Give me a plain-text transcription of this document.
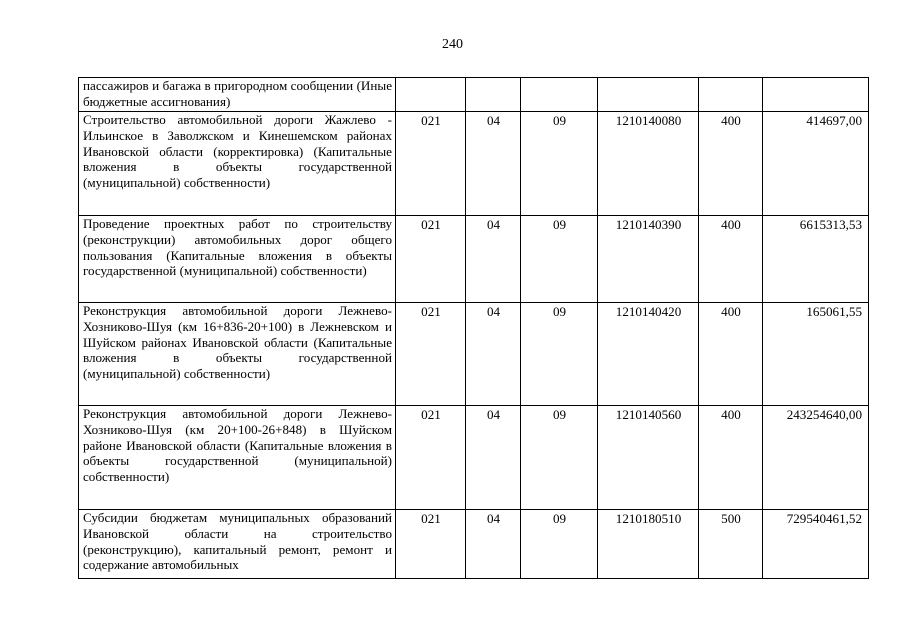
240
пассажиров и багажа в пригородном сообщении (Иные бюджетные ассигнования)						
Строительство автомобильной дороги Жажлево - Ильинское в Заволжском и Кинешемском районах Ивановской области (корректировка) (Капитальные вложения в объекты государственной (муниципальной) собственности)	021	04	09	1210140080	400	414697,00
Проведение проектных работ по строительству (реконструкции) автомобильных дорог общего пользования (Капитальные вложения в объекты государственной (муниципальной) собственности)	021	04	09	1210140390	400	6615313,53
Реконструкция автомобильной дороги Лежнево-Хозниково-Шуя (км 16+836-20+100) в Лежневском и Шуйском районах Ивановской области (Капитальные вложения в объекты государственной (муниципальной) собственности)	021	04	09	1210140420	400	165061,55
Реконструкция автомобильной дороги Лежнево-Хозниково-Шуя (км 20+100-26+848) в Шуйском районе Ивановской области (Капитальные вложения в объекты государственной (муниципальной) собственности)	021	04	09	1210140560	400	243254640,00
Субсидии бюджетам муниципальных образований Ивановской области на строительство (реконструкцию), капитальный ремонт, ремонт и содержание автомобильных	021	04	09	1210180510	500	729540461,52
